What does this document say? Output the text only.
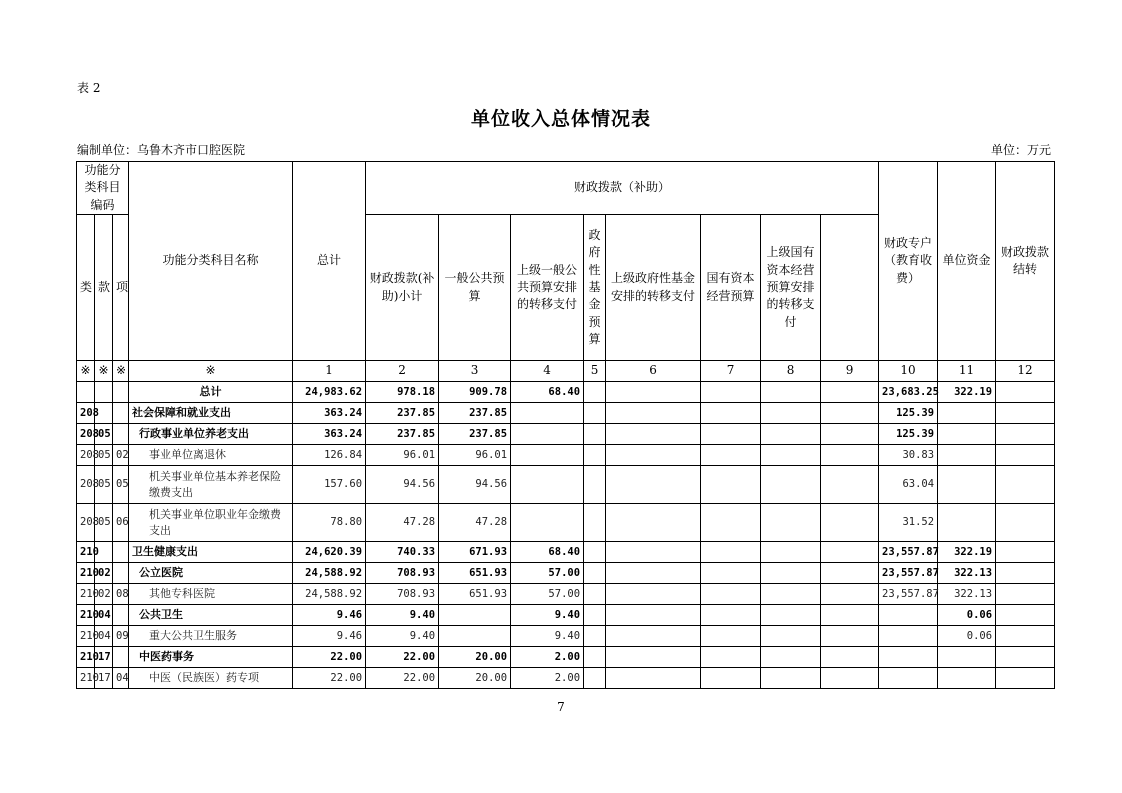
表 2
单位收入总体情况表
编制单位：乌鲁木齐市口腔医院	单位：万元
功能分类科目编码			功能分类科目名称	总计	财政拨款（补助）								财政专户（教育收费）	单位资金	财政拨款结转	
类	款	项			财政拨款(补助)小计	一般公共预算	上级一般公共预算安排的转移支付	政府性基金预算	上级政府性基金安排的转移支付	国有资本经营预算	上级国有资本经营预算安排的转移支付					
※	※	※	※	1	2	3	4	5	6	7	8	9	10	11	12	
			总计	24,983.62	978.18	909.78	68.40						23,683.25	322.19		
208			社会保障和就业支出	363.24	237.85	237.85							125.39			
208	05		行政事业单位养老支出	363.24	237.85	237.85							125.39			
208	05	02	事业单位离退休	126.84	96.01	96.01							30.83			
208	05	05	机关事业单位基本养老保险缴费支出	157.60	94.56	94.56							63.04			
208	05	06	机关事业单位职业年金缴费支出	78.80	47.28	47.28							31.52			
210			卫生健康支出	24,620.39	740.33	671.93	68.40						23,557.87	322.19		
210	02		公立医院	24,588.92	708.93	651.93	57.00						23,557.87	322.13		
210	02	08	其他专科医院	24,588.92	708.93	651.93	57.00						23,557.87	322.13		
210	04		公共卫生	9.46	9.40		9.40							0.06		
210	04	09	重大公共卫生服务	9.46	9.40		9.40							0.06		
210	17		中医药事务	22.00	22.00	20.00	2.00									
210	17	04	中医（民族医）药专项	22.00	22.00	20.00	2.00									
7
